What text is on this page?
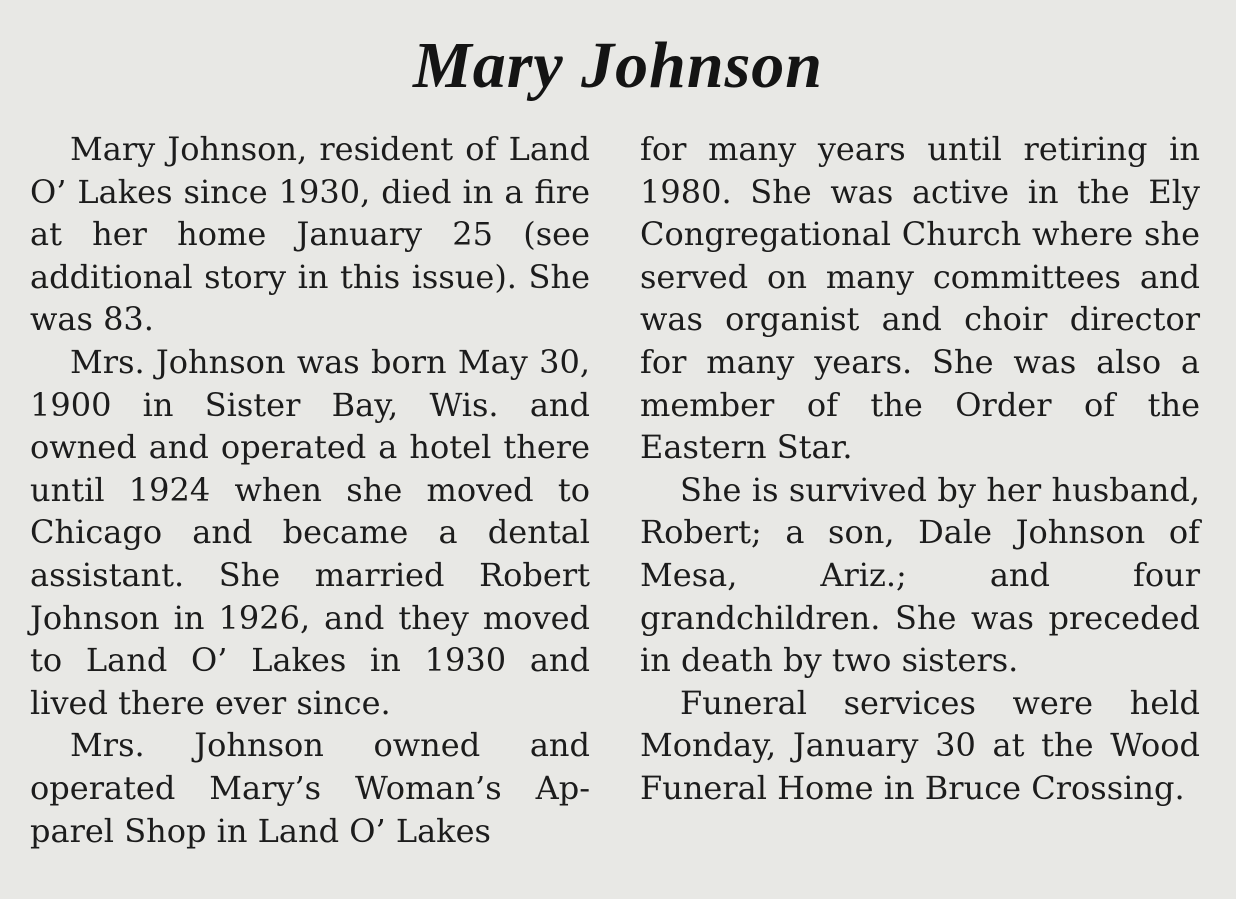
Mary Johnson

Mary Johnson, resident of Land O’ Lakes since 1930, died in a fire at her home January 25 (see additional story in this issue). She was 83.

Mrs. Johnson was born May 30, 1900 in Sister Bay, Wis. and owned and operated a hotel there until 1924 when she moved to Chicago and became a dental assistant. She married Robert Johnson in 1926, and they moved to Land O’ Lakes in 1930 and lived there ever since.

Mrs. Johnson owned and operated Mary’s Woman’s Apparel Shop in Land O’ Lakes

for many years until retiring in 1980. She was active in the Ely Congregational Church where she served on many committees and was organist and choir director for many years. She was also a member of the Order of the Eastern Star.

She is survived by her husband, Robert; a son, Dale Johnson of Mesa, Ariz.; and four grandchildren. She was preceded in death by two sisters.

Funeral services were held Monday, January 30 at the Wood Funeral Home in Bruce Crossing.
